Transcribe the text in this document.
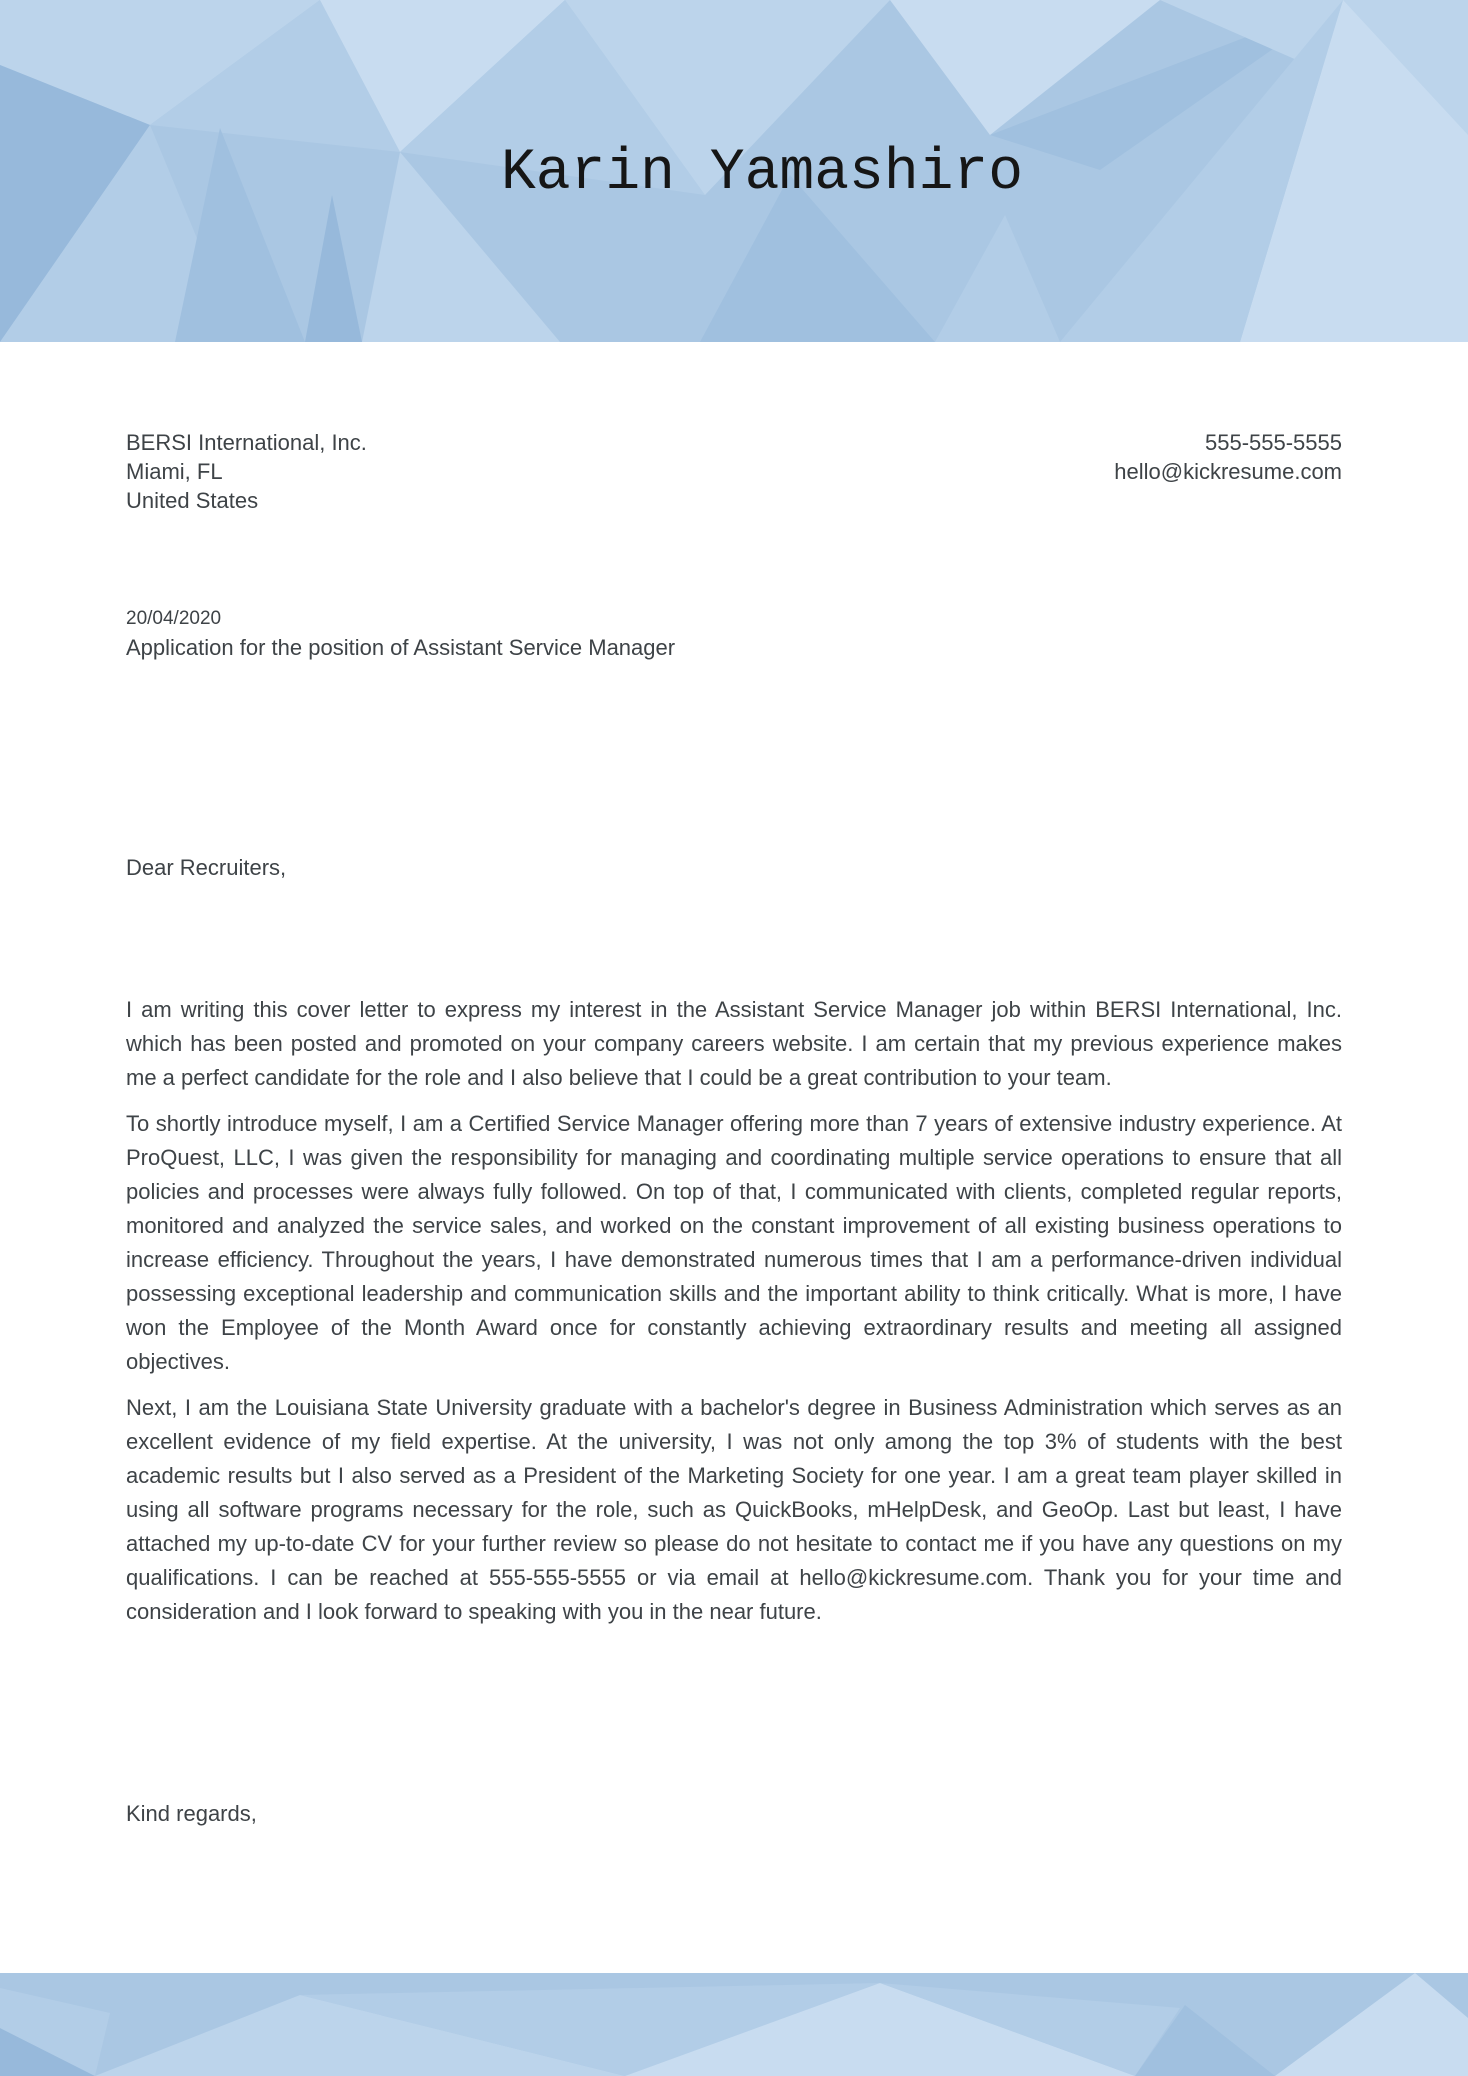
Karin Yamashiro
BERSI International, Inc.
Miami, FL
United States
555-555-5555
hello@kickresume.com
20/04/2020
Application for the position of Assistant Service Manager
Dear Recruiters,

I am writing this cover letter to express my interest in the Assistant Service Manager job within BERSI International, Inc. which has been posted and promoted on your company careers website. I am certain that my previous experience makes me a perfect candidate for the role and I also believe that I could be a great contribution to your team.

To shortly introduce myself, I am a Certified Service Manager offering more than 7 years of extensive industry experience. At ProQuest, LLC, I was given the responsibility for managing and coordinating multiple service operations to ensure that all policies and processes were always fully followed. On top of that, I communicated with clients, completed regular reports, monitored and analyzed the service sales, and worked on the constant improvement of all existing business operations to increase efficiency. Throughout the years, I have demonstrated numerous times that I am a performance-driven individual possessing exceptional leadership and communication skills and the important ability to think critically. What is more, I have won the Employee of the Month Award once for constantly achieving extraordinary results and meeting all assigned objectives.

Next, I am the Louisiana State University graduate with a bachelor's degree in Business Administration which serves as an excellent evidence of my field expertise. At the university, I was not only among the top 3% of students with the best academic results but I also served as a President of the Marketing Society for one year. I am a great team player skilled in using all software programs necessary for the role, such as QuickBooks, mHelpDesk, and GeoOp. Last but least, I have attached my up-to-date CV for your further review so please do not hesitate to contact me if you have any questions on my qualifications. I can be reached at 555-555-5555 or via email at hello@kickresume.com. Thank you for your time and consideration and I look forward to speaking with you in the near future.

Kind regards,
